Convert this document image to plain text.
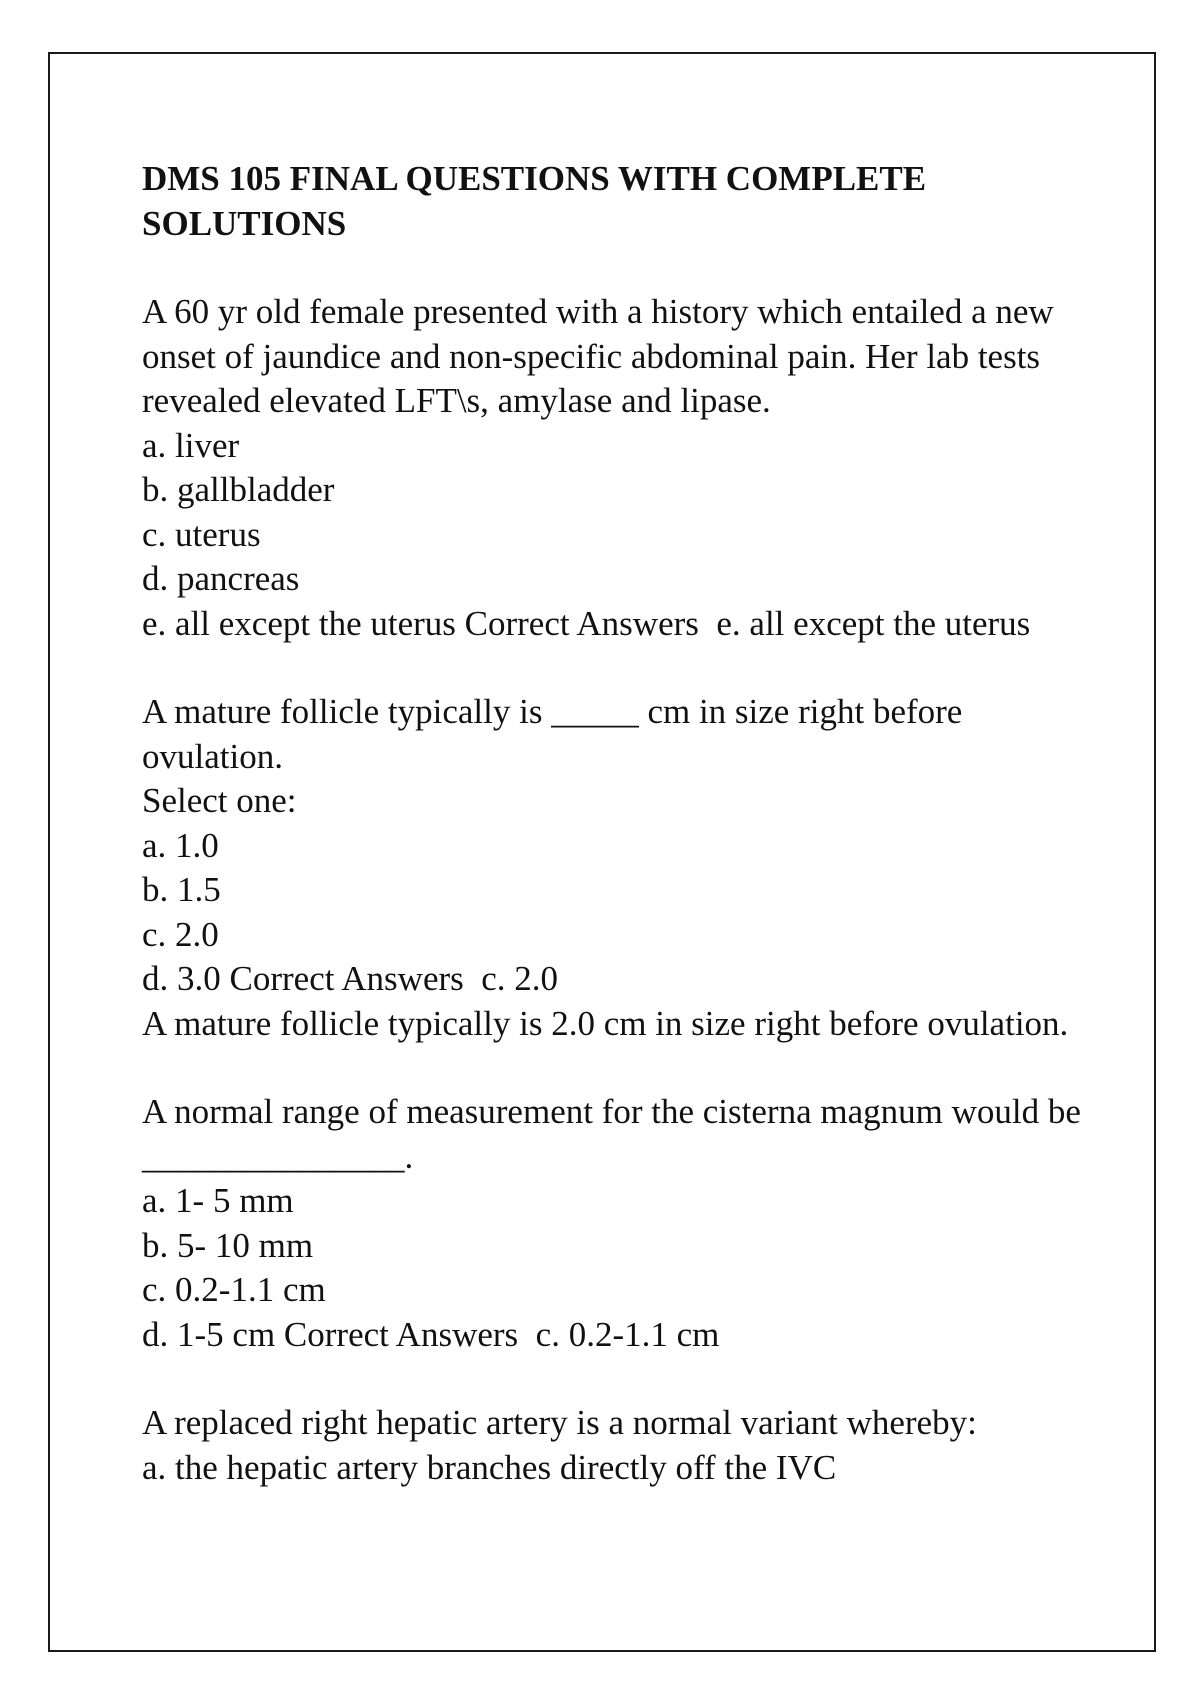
DMS 105 FINAL QUESTIONS WITH COMPLETE SOLUTIONS

A 60 yr old female presented with a history which entailed a new onset of jaundice and non-specific abdominal pain. Her lab tests revealed elevated LFT\s, amylase and lipase.
a. liver
b. gallbladder
c. uterus
d. pancreas
e. all except the uterus Correct Answers  e. all except the uterus
A mature follicle typically is _____ cm in size right before ovulation.
Select one:
a. 1.0
b. 1.5
c. 2.0
d. 3.0 Correct Answers  c. 2.0
A mature follicle typically is 2.0 cm in size right before ovulation.
A normal range of measurement for the cisterna magnum would be _______________.
a. 1- 5 mm
b. 5- 10 mm
c. 0.2-1.1 cm
d. 1-5 cm Correct Answers  c. 0.2-1.1 cm
A replaced right hepatic artery is a normal variant whereby:
a. the hepatic artery branches directly off the IVC
